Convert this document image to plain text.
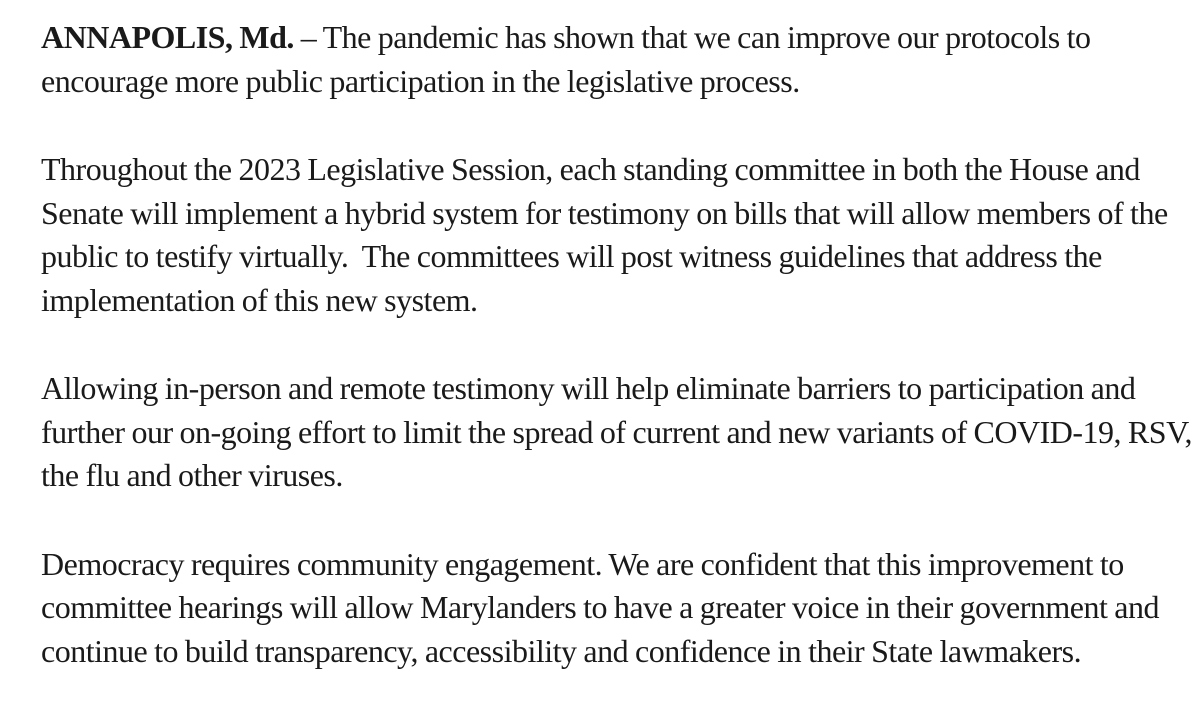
ANNAPOLIS, Md. – The pandemic has shown that we can improve our protocols to encourage more public participation in the legislative process.

Throughout the 2023 Legislative Session, each standing committee in both the House and Senate will implement a hybrid system for testimony on bills that will allow members of the public to testify virtually.  The committees will post witness guidelines that address the implementation of this new system.

Allowing in-person and remote testimony will help eliminate barriers to participation and further our on-going effort to limit the spread of current and new variants of COVID-19, RSV, the flu and other viruses.

Democracy requires community engagement. We are confident that this improvement to committee hearings will allow Marylanders to have a greater voice in their government and continue to build transparency, accessibility and confidence in their State lawmakers.
